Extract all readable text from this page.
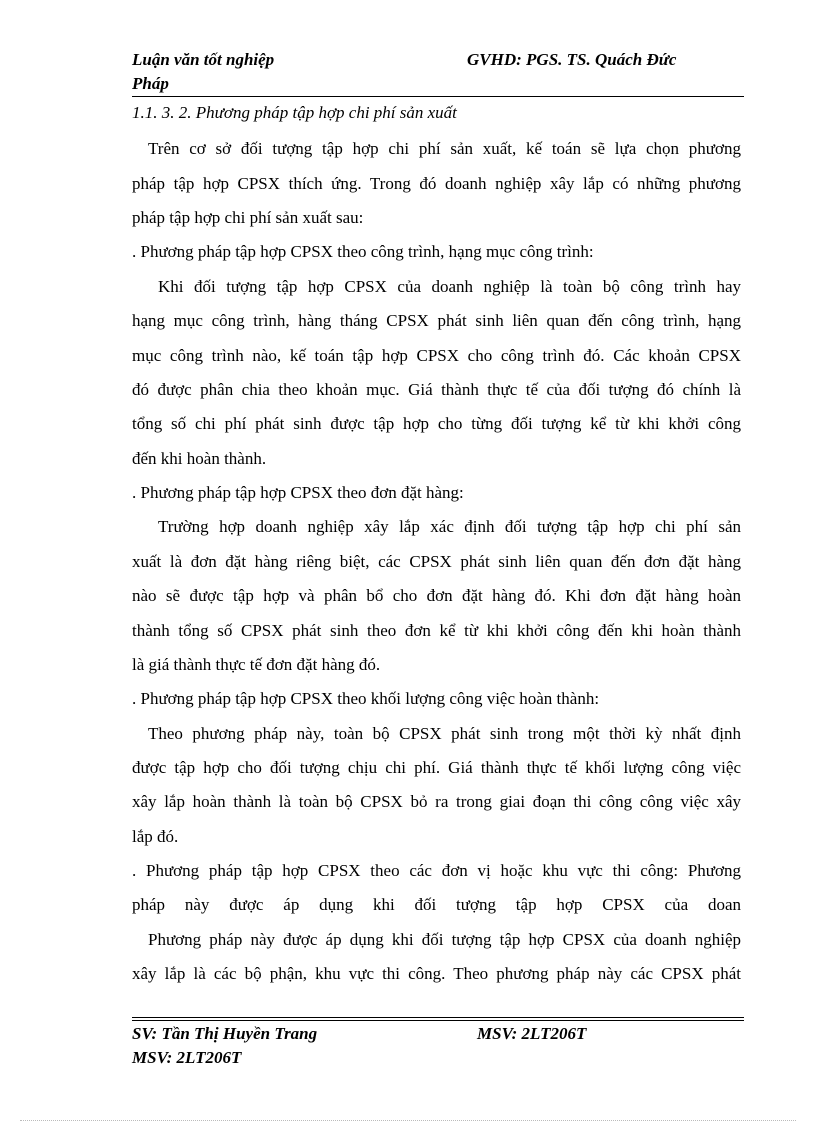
Luận văn tốt nghiệp	GVHD: PGS. TS. Quách Đức
Pháp
1.1. 3. 2. Phương pháp tập hợp chi phí sản xuất
Trên cơ sở đối tượng tập hợp chi phí sản xuất, kế toán sẽ lựa chọn phương
pháp tập hợp CPSX thích ứng. Trong đó doanh nghiệp xây lắp có những phương
pháp tập hợp chi phí sản xuất sau:
. Phương pháp tập hợp CPSX theo công trình, hạng mục công trình:
Khi đối tượng tập hợp CPSX của doanh nghiệp là toàn bộ công trình hay
hạng mục công trình, hàng tháng CPSX phát sinh liên quan đến công trình, hạng
mục công trình nào, kế toán tập hợp CPSX cho công trình đó. Các khoản CPSX
đó được phân chia theo khoản mục. Giá thành thực tế của đối tượng đó chính là
tổng số chi phí phát sinh được tập hợp cho từng đối tượng kể từ khi khởi công
đến khi hoàn thành.
. Phương pháp tập hợp CPSX theo đơn đặt hàng:
Trường hợp doanh nghiệp xây lắp xác định đối tượng tập hợp chi phí sản
xuất là đơn đặt hàng riêng biệt, các CPSX phát sinh liên quan đến đơn đặt hàng
nào sẽ được tập hợp và phân bổ cho đơn đặt hàng đó. Khi đơn đặt hàng hoàn
thành tổng số CPSX phát sinh theo đơn kể từ khi khởi công đến khi hoàn thành
là giá thành thực tế đơn đặt hàng đó.
. Phương pháp tập hợp CPSX theo khối lượng công việc hoàn thành:
Theo phương pháp này, toàn bộ CPSX phát sinh trong một thời kỳ nhất định
được tập hợp cho đối tượng chịu chi phí. Giá thành thực tế khối lượng công việc
xây lắp hoàn thành là toàn bộ CPSX bỏ ra trong giai đoạn thi công công việc xây
lắp đó.
. Phương pháp tập hợp CPSX theo các đơn vị hoặc khu vực thi công: Phương
pháp này được áp dụng khi đối tượng tập hợp CPSX của doan
Phương pháp này được áp dụng khi đối tượng tập hợp CPSX của doanh nghiệp
xây lắp là các bộ phận, khu vực thi công. Theo phương pháp này các CPSX phát
SV: Tần Thị Huyền Trang	MSV: 2LT206T
MSV: 2LT206T
